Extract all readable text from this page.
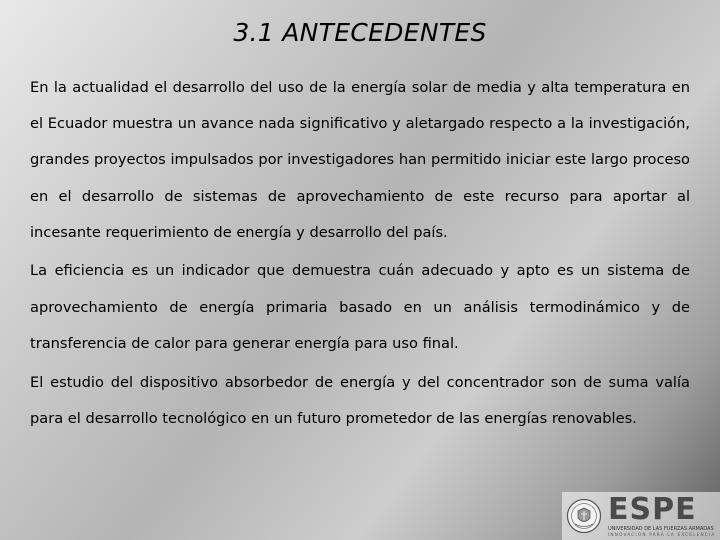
3.1 ANTECEDENTES

En la actualidad el desarrollo del uso de la energía solar de media y alta temperatura en el Ecuador muestra un avance nada significativo y aletargado respecto a la investigación, grandes proyectos impulsados por investigadores han permitido iniciar este largo proceso en el desarrollo de sistemas de aprovechamiento de este recurso para aportar al incesante requerimiento de energía y desarrollo del país.

La eficiencia es un indicador que demuestra cuán adecuado y apto es un sistema de aprovechamiento de energía primaria basado en un análisis termodinámico y de transferencia de calor para generar energía para uso final.

El estudio del dispositivo absorbedor de energía y del concentrador son de suma valía para el desarrollo tecnológico en un futuro prometedor de las energías renovables.

ESPE
UNIVERSIDAD DE LAS FUERZAS ARMADAS
INNOVACIÓN PARA LA EXCELENCIA
